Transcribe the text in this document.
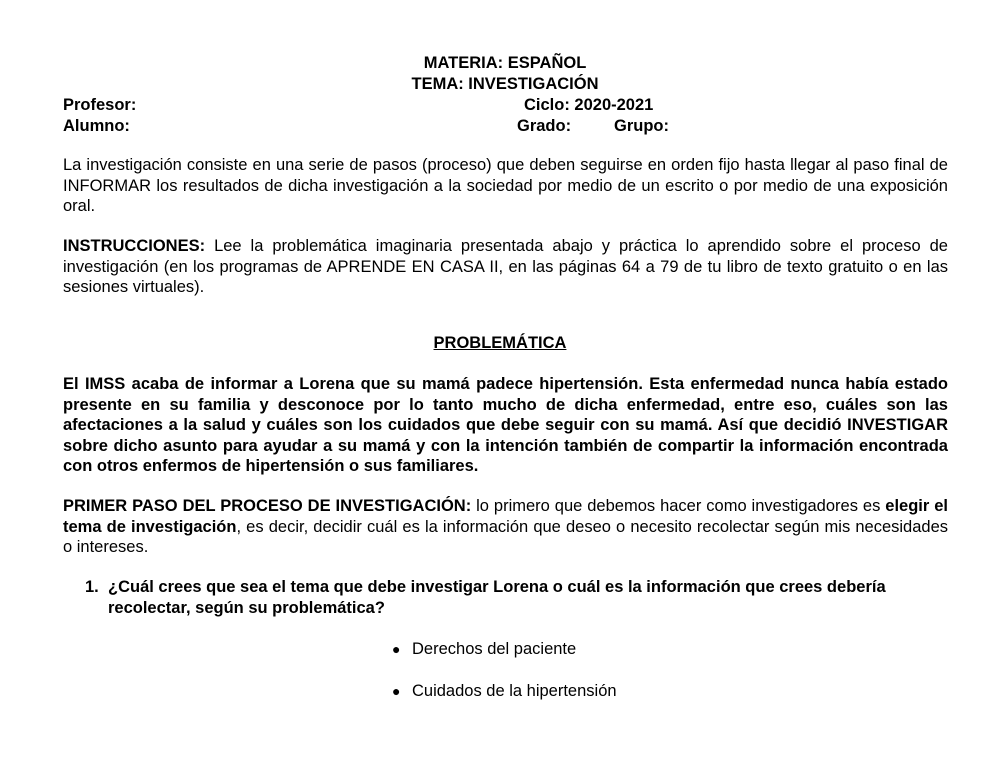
MATERIA: ESPAÑOL
TEMA: INVESTIGACIÓN
Profesor:	Ciclo: 2020-2021
Alumno:	Grado:	Grupo:
La investigación consiste en una serie de pasos (proceso) que deben seguirse en orden fijo hasta llegar al paso final de INFORMAR los resultados de dicha investigación a la sociedad por medio de un escrito o por medio de una exposición oral.
INSTRUCCIONES: Lee la problemática imaginaria presentada abajo y práctica lo aprendido sobre el proceso de investigación (en los programas de APRENDE EN CASA II, en las páginas 64 a 79 de tu libro de texto gratuito o en las sesiones virtuales).
PROBLEMÁTICA
El IMSS acaba de informar a Lorena que su mamá padece hipertensión. Esta enfermedad nunca había estado presente en su familia y desconoce por lo tanto mucho de dicha enfermedad, entre eso, cuáles son las afectaciones a la salud y cuáles son los cuidados que debe seguir con su mamá. Así que decidió INVESTIGAR sobre dicho asunto para ayudar a su mamá y con la intención también de compartir la información encontrada con otros enfermos de hipertensión o sus familiares.
PRIMER PASO DEL PROCESO DE INVESTIGACIÓN: lo primero que debemos hacer como investigadores es elegir el tema de investigación, es decir, decidir cuál es la información que deseo o necesito recolectar según mis necesidades o intereses.
1. ¿Cuál crees que sea el tema que debe investigar Lorena o cuál es la información que crees debería recolectar, según su problemática?
● Derechos del paciente
● Cuidados de la hipertensión
